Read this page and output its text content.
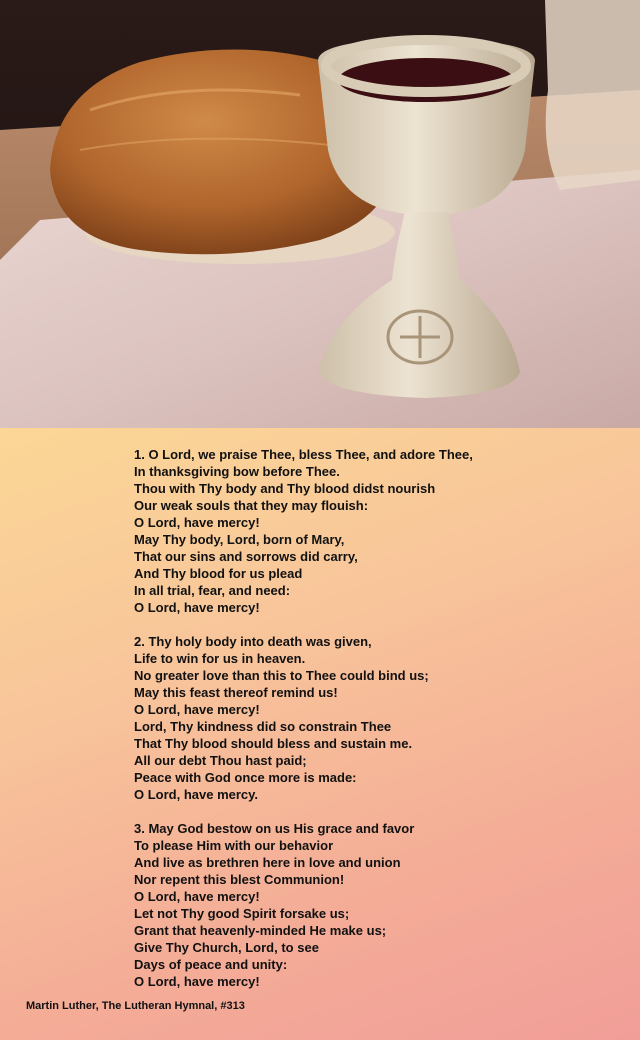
1. O Lord, we praise Thee, bless Thee, and adore Thee,
In thanksgiving bow before Thee.
Thou with Thy body and Thy blood didst nourish
Our weak souls that they may flouish:
O Lord, have mercy!
May Thy body, Lord, born of Mary,
That our sins and sorrows did carry,
And Thy blood for us plead
In all trial, fear, and need:
O Lord, have mercy!
2. Thy holy body into death was given,
Life to win for us in heaven.
No greater love than this to Thee could bind us;
May this feast thereof remind us!
O Lord, have mercy!
Lord, Thy kindness did so constrain Thee
That Thy blood should bless and sustain me.
All our debt Thou hast paid;
Peace with God once more is made:
O Lord, have mercy.
3. May God bestow on us His grace and favor
To please Him with our behavior
And live as brethren here in love and union
Nor repent this blest Communion!
O Lord, have mercy!
Let not Thy good Spirit forsake us;
Grant that heavenly-minded He make us;
Give Thy Church, Lord, to see
Days of peace and unity:
O Lord, have mercy!
Martin Luther, The Lutheran Hymnal, #313
